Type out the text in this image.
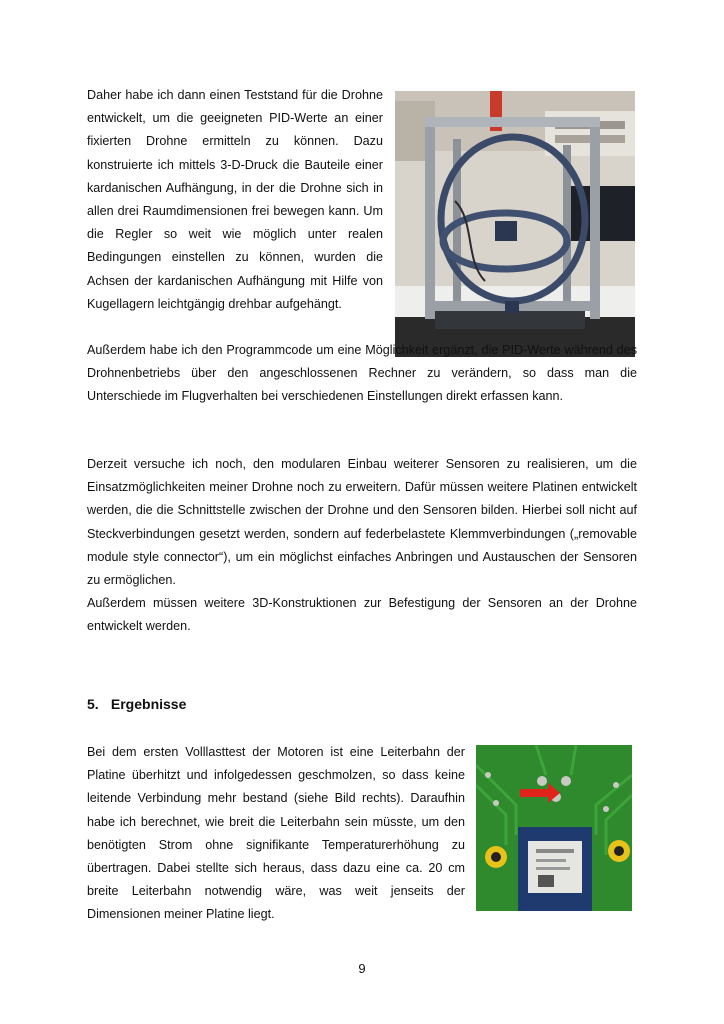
Daher habe ich dann einen Teststand für die Drohne entwickelt, um die geeigneten PID-Werte an einer fixierten Drohne ermitteln zu können. Dazu konstruierte ich mittels 3-D-Druck die Bauteile einer kardanischen Aufhängung, in der die Drohne sich in allen drei Raumdimensionen frei bewegen kann. Um die Regler so weit wie möglich unter realen Bedingungen einstellen zu können, wurden die Achsen der kardanischen Aufhängung mit Hilfe von Kugellagern leichtgängig drehbar aufgehängt.

Außerdem habe ich den Programmcode um eine Möglichkeit ergänzt, die PID-Werte während des Drohnenbetriebs über den angeschlossenen Rechner zu verändern, so dass man die Unterschiede im Flugverhalten bei verschiedenen Einstellungen direkt erfassen kann.

Derzeit versuche ich noch, den modularen Einbau weiterer Sensoren zu realisieren, um die Einsatzmöglichkeiten meiner Drohne noch zu erweitern. Dafür müssen weitere Platinen entwickelt werden, die die Schnittstelle zwischen der Drohne und den Sensoren bilden. Hierbei soll nicht auf Steckverbindungen gesetzt werden, sondern auf federbelastete Klemmverbindungen („removable module style connector“), um ein möglichst einfaches Anbringen und Austauschen der Sensoren zu ermöglichen.

Außerdem müssen weitere 3D-Konstruktionen zur Befestigung der Sensoren an der Drohne entwickelt werden.

5. Ergebnisse

Bei dem ersten Volllasttest der Motoren ist eine Leiterbahn der Platine überhitzt und infolgedessen geschmolzen, so dass keine leitende Verbindung mehr bestand (siehe Bild rechts). Daraufhin habe ich berechnet, wie breit die Leiterbahn sein müsste, um den benötigten Strom ohne signifikante Temperaturerhöhung zu übertragen. Dabei stellte sich heraus, dass dazu eine ca. 20 cm breite Leiterbahn notwendig wäre, was weit jenseits der Dimensionen meiner Platine liegt.

9
